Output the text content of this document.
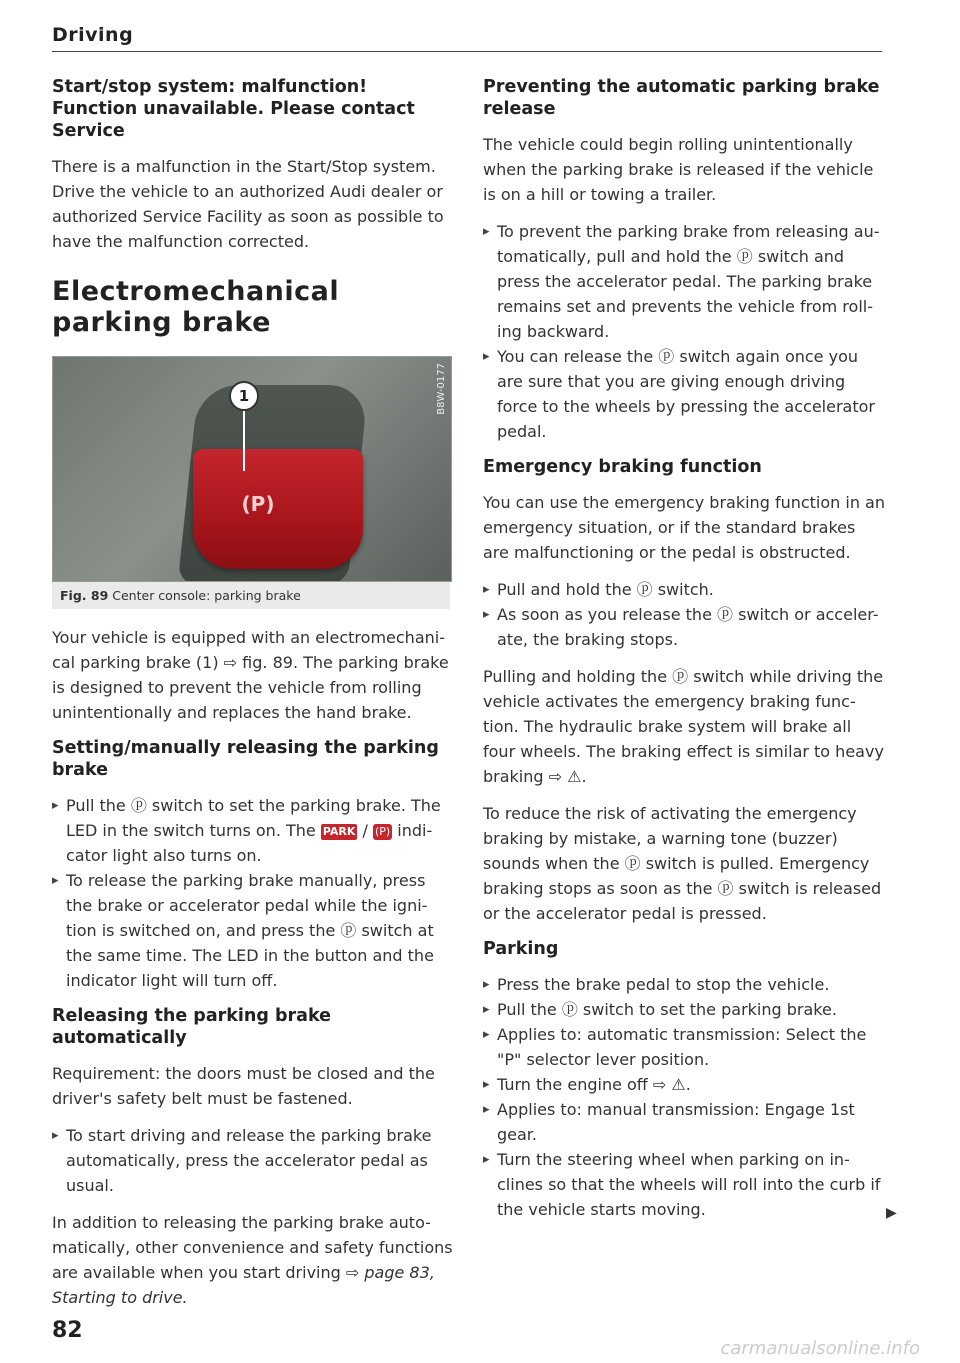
Driving
Start/stop system: malfunction! Function unavailable. Please contact Service

There is a malfunction in the Start/Stop system. Drive the vehicle to an authorized Audi dealer or authorized Service Facility as soon as possible to have the malfunction corrected.

Electromechanical
parking brake
(P)
1	B8W-0177
Fig. 89 Center console: parking brake

Your vehicle is equipped with an electromechani-cal parking brake (1) ⇨ fig. 89. The parking brake is designed to prevent the vehicle from rolling unintentionally and replaces the hand brake.

Setting/manually releasing the parking brake
▸ Pull the ⓟ switch to set the parking brake. The LED in the switch turns on. The PARK / (P) indi-cator light also turns on.
▸ To release the parking brake manually, press the brake or accelerator pedal while the igni-tion is switched on, and press the ⓟ switch at the same time. The LED in the button and the indicator light will turn off.
Releasing the parking brake automatically

Requirement: the doors must be closed and the driver's safety belt must be fastened.

▸ To start driving and release the parking brake automatically, press the accelerator pedal as usual.

In addition to releasing the parking brake auto-matically, other convenience and safety functions are available when you start driving ⇨ page 83, Starting to drive.

Preventing the automatic parking brake release

The vehicle could begin rolling unintentionally when the parking brake is released if the vehicle is on a hill or towing a trailer.

▸ To prevent the parking brake from releasing au-tomatically, pull and hold the ⓟ switch and press the accelerator pedal. The parking brake remains set and prevents the vehicle from roll-ing backward.
▸ You can release the ⓟ switch again once you are sure that you are giving enough driving force to the wheels by pressing the accelerator pedal.
Emergency braking function

You can use the emergency braking function in an emergency situation, or if the standard brakes are malfunctioning or the pedal is obstructed.

▸ Pull and hold the ⓟ switch.
▸ As soon as you release the ⓟ switch or acceler-ate, the braking stops.

Pulling and holding the ⓟ switch while driving the vehicle activates the emergency braking func-tion. The hydraulic brake system will brake all four wheels. The braking effect is similar to heavy braking ⇨ ⚠.

To reduce the risk of activating the emergency braking by mistake, a warning tone (buzzer) sounds when the ⓟ switch is pulled. Emergency braking stops as soon as the ⓟ switch is released or the accelerator pedal is pressed.

Parking
▸ Press the brake pedal to stop the vehicle.
▸ Pull the ⓟ switch to set the parking brake.
▸ Applies to: automatic transmission: Select the "P" selector lever position.
▸ Turn the engine off ⇨ ⚠.
▸ Applies to: manual transmission: Engage 1st gear.
▸ Turn the steering wheel when parking on in-clines so that the wheels will roll into the curb if the vehicle starts moving.	▶
82
carmanualsonline.info
